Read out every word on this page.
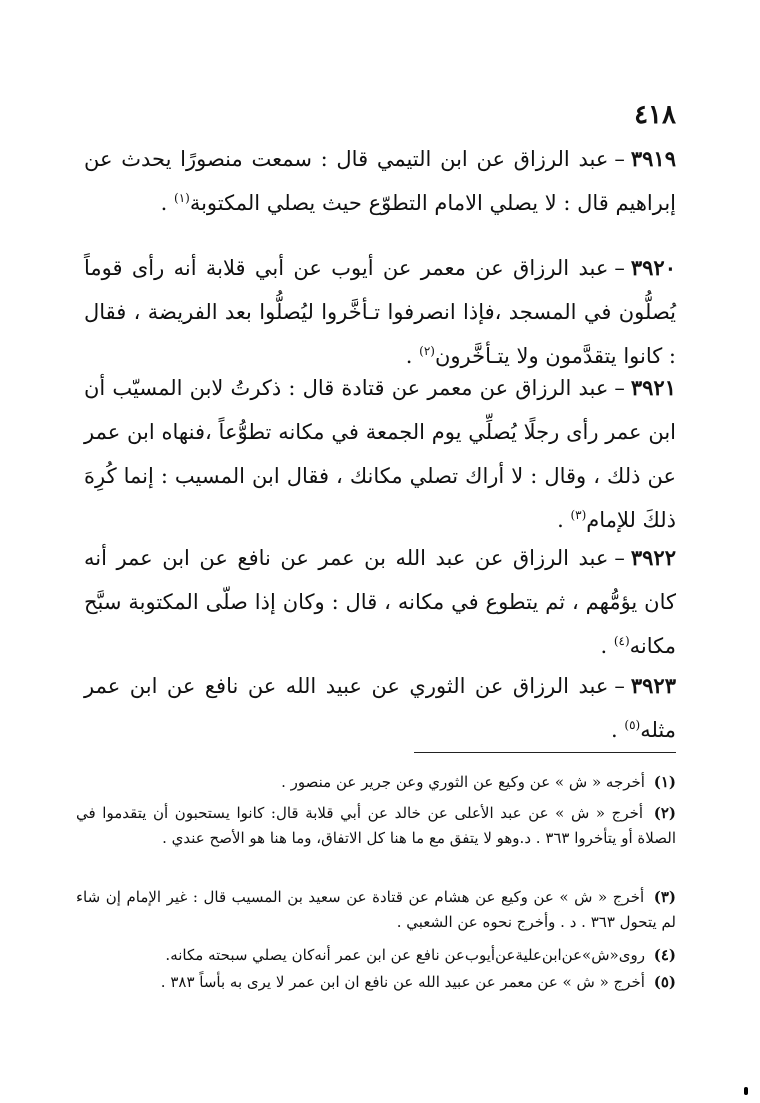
٤١٨

٣٩١٩–عبد الرزاق عن ابن التيمي قال : سمعت منصورًا يحدث عن إبراهيم قال : لا يصلي الامام التطوّع حيث يصلي المكتوبة$^{(١)}$ .

٣٩٢٠–عبد الرزاق عن معمر عن أيوب عن أبي قلابة أنه رأى قوماً يُصلُّون في المسجد ،فإذا انصرفوا تـأخَّروا ليُصلُّوا بعد الفريضة ، فقال : كانوا يتقدَّمون ولا يتـأخَّرون$^{(٢)}$ .

٣٩٢١–عبد الرزاق عن معمر عن قتادة قال : ذكرتُ لابن المسيّب أن ابن عمر رأى رجلًا يُصلِّي يوم الجمعة في مكانه تطوُّعاً ،فنهاه ابن عمر عن ذلك ، وقال : لا أراك تصلي مكانك ، فقال ابن المسيب : إنما كُرِهَ ذلكَ للإمام$^{(٣)}$ .

٣٩٢٢–عبد الرزاق عن عبد الله بن عمر عن نافع عن ابن عمر أنه كان يؤمُّهم ، ثم يتطوع في مكانه ، قال : وكان إذا صلّى المكتوبة سبَّح مكانه$^{(٤)}$ .

٣٩٢٣–عبد الرزاق عن الثوري عن عبيد الله عن نافع عن ابن عمر مثله$^{(٥)}$ .

(١) أخرجه « ش » عن وكيع عن الثوري وعن جرير عن منصور .

(٢) أخرج « ش » عن عبد الأعلى عن خالد عن أبي قلابة قال: كانوا يستحبون أن يتقدموا في الصلاة أو يتأخروا ٣٦٣ . د.وهو لا يتفق مع ما هنا كل الاتفاق، وما هنا هو الأصح عندي .

(٣) أخرج « ش » عن وكيع عن هشام عن قتادة عن سعيد بن المسيب قال : غير الإمام إن شاء لم يتحول ٣٦٣ . د . وأخرج نحوه عن الشعبي .

(٤) روى«ش»عن‌ابن‌علية‌عن‌أيوب‌عن نافع عن ابن عمر أنه‌كان يصلي سبحته مكانه.

(٥) أخرج « ش » عن معمر عن عبيد الله عن نافع ان ابن عمر لا يرى به بأساً ٣٨٣ .
